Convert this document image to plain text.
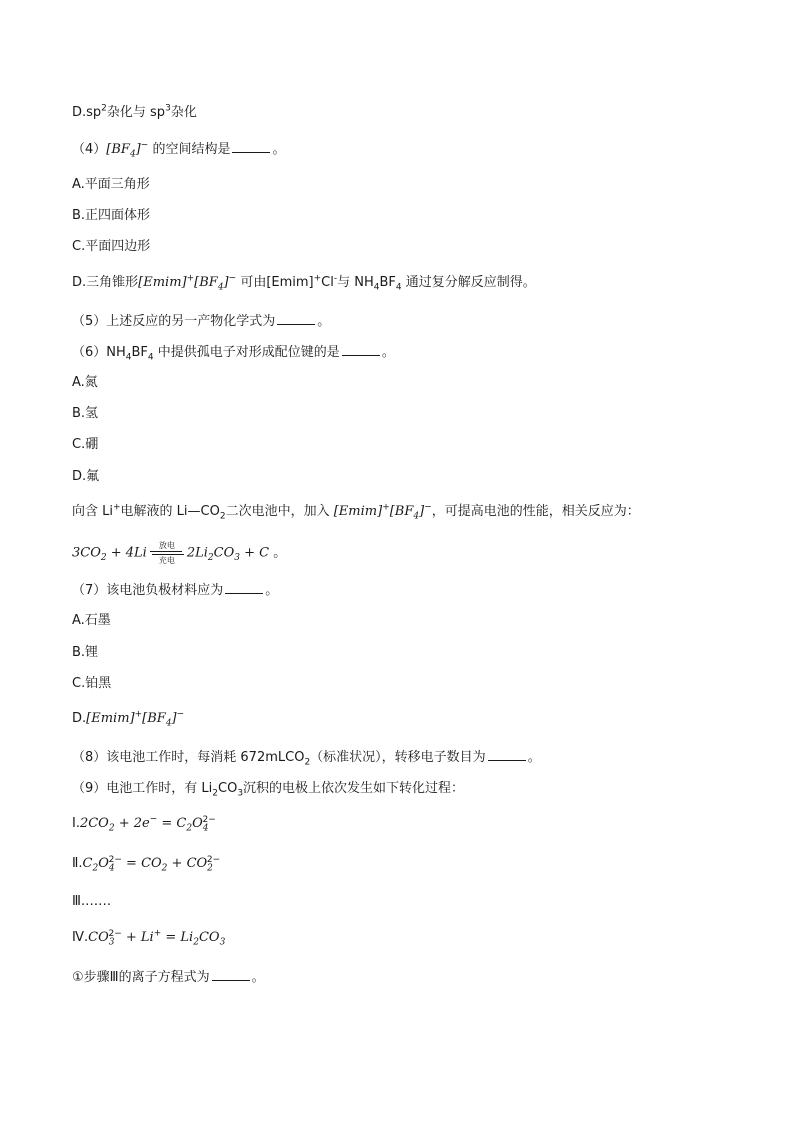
$D.sp^2$杂化与 $sp^3$杂化
$(4)[BF_4]^-$ 的空间结构是	。
A.平面三角形
B.正四面体形
C.平面四边形
D.三角锥形$[Emim]^+[BF_4]^-$ 可由[Emim]+Cl-与 $NH_4BF_4$ 通过复分解反应制得。
（5）上述反应的另一产物化学式为	。
$(6)NH_4BF_4$ 中提供孤电子对形成配位键的是	。
A.氮
B.氢
C.硼
D.氟
向含 Li+电解液的 $Li—CO_2$二次电池中，加入 $[Emim]^+[BF_4]^-$，可提高电池的性能，相关反应为：
$3CO_2 + 4Li$ 放电
充电 $2Li_2CO_3 + C$ 。
（7）该电池负极材料应为	。
A.石墨
B.锂
C.铂黑
$D.[Emim]^+[BF_4]^-$
（8）该电池工作时，每消耗 672mLCO$_2$（标准状况），转移电子数目为	。
（9）电池工作时，有 $Li_2CO_3$沉积的电极上依次发生如下转化过程：
$Ⅰ.2CO_2 + 2e^- = C_2O_4^{2-}$
$Ⅱ.C_2O_4^{2-} = CO_2 + CO_2^{2-}$
Ⅲ.……
$Ⅳ.CO_3^{2-} + Li^+ = Li_2CO_3$
①步骤Ⅲ的离子方程式为	。
